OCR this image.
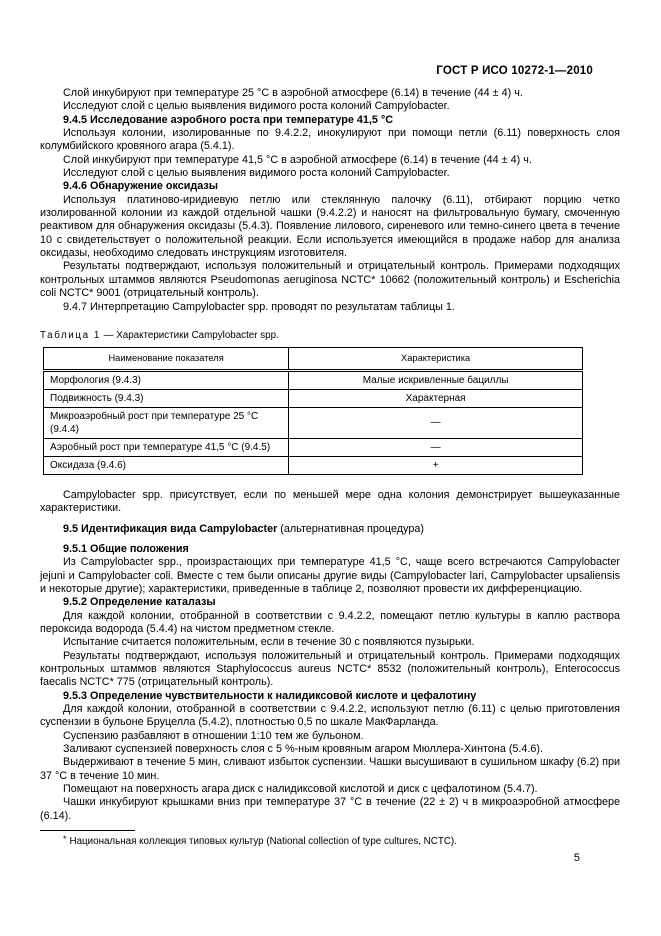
ГОСТ Р ИСО 10272-1—2010

Слой инкубируют при температуре 25 °С в аэробной атмосфере (6.14) в течение (44 ± 4) ч.

Исследуют слой с целью выявления видимого роста колоний Campylobacter.

9.4.5 Исследование аэробного роста при температуре 41,5 °С

Используя колонии, изолированные по 9.4.2.2, инокулируют при помощи петли (6.11) поверхность слоя колумбийского кровяного агара (5.4.1).

Слой инкубируют при температуре 41,5 °С в аэробной атмосфере (6.14) в течение (44 ± 4) ч.

Исследуют слой с целью выявления видимого роста колоний Campylobacter.

9.4.6 Обнаружение оксидазы

Используя платиново-иридиевую петлю или стеклянную палочку (6.11), отбирают порцию четко изолированной колонии из каждой отдельной чашки (9.4.2.2) и наносят на фильтровальную бумагу, смоченную реактивом для обнаружения оксидазы (5.4.3). Появление лилового, сиреневого или темно-синего цвета в течение 10 с свидетельствует о положительной реакции. Если используется имеющийся в продаже набор для анализа оксидазы, необходимо следовать инструкциям изготовителя.

Результаты подтверждают, используя положительный и отрицательный контроль. Примерами подходящих контрольных штаммов являются Pseudomonas aeruginosa NCTC* 10662 (положительный контроль) и Escherichia coli NCTC* 9001 (отрицательный контроль).

9.4.7 Интерпретацию Campylobacter spp. проводят по результатам таблицы 1.

Таблица 1 — Характеристики Campylobacter spp.
Наименование показателя	Характеристика
Морфология (9.4.3)	Малые искривленные бациллы
Подвижность (9.4.3)	Характерная
Микроаэробный рост при температуре 25 °С (9.4.4)	—
Аэробный рост при температуре 41,5 °С (9.4.5)	—
Оксидаза (9.4.6)	+

Campylobacter spp. присутствует, если по меньшей мере одна колония демонстрирует вышеуказанные характеристики.

9.5 Идентификация вида Campylobacter (альтернативная процедура)

9.5.1 Общие положения

Из Campylobacter spp., произрастающих при температуре 41,5 °С, чаще всего встречаются Campylobacter jejuni и Campylobacter coli. Вместе с тем были описаны другие виды (Campylobacter lari, Campylobacter upsaliensis и некоторые другие); характеристики, приведенные в таблице 2, позволяют провести их дифференциацию.

9.5.2 Определение каталазы

Для каждой колонии, отобранной в соответствии с 9.4.2.2, помещают петлю культуры в каплю раствора пероксида водорода (5.4.4) на чистом предметном стекле.

Испытание считается положительным, если в течение 30 с появляются пузырьки.

Результаты подтверждают, используя положительный и отрицательный контроль. Примерами подходящих контрольных штаммов являются Staphylococcus aureus NCTC* 8532 (положительный контроль), Enterococcus faecalis NCTC* 775 (отрицательный контроль).

9.5.3 Определение чувствительности к налидиксовой кислоте и цефалотину

Для каждой колонии, отобранной в соответствии с 9.4.2.2, используют петлю (6.11) с целью приготовления суспензии в бульоне Бруцелла (5.4.2), плотностью 0,5 по шкале МакФарланда.

Суспензию разбавляют в отношении 1:10 тем же бульоном.

Заливают суспензией поверхность слоя с 5 %-ным кровяным агаром Мюллера-Хинтона (5.4.6).

Выдерживают в течение 5 мин, сливают избыток суспензии. Чашки высушивают в сушильном шкафу (6.2) при 37 °С в течение 10 мин.

Помещают на поверхность агара диск с налидиксовой кислотой и диск с цефалотином (5.4.7).

Чашки инкубируют крышками вниз при температуре 37 °С в течение (22 ± 2) ч в микроаэробной атмосфере (6.14).

* Национальная коллекция типовых культур (National collection of type cultures, NCTC).

5
